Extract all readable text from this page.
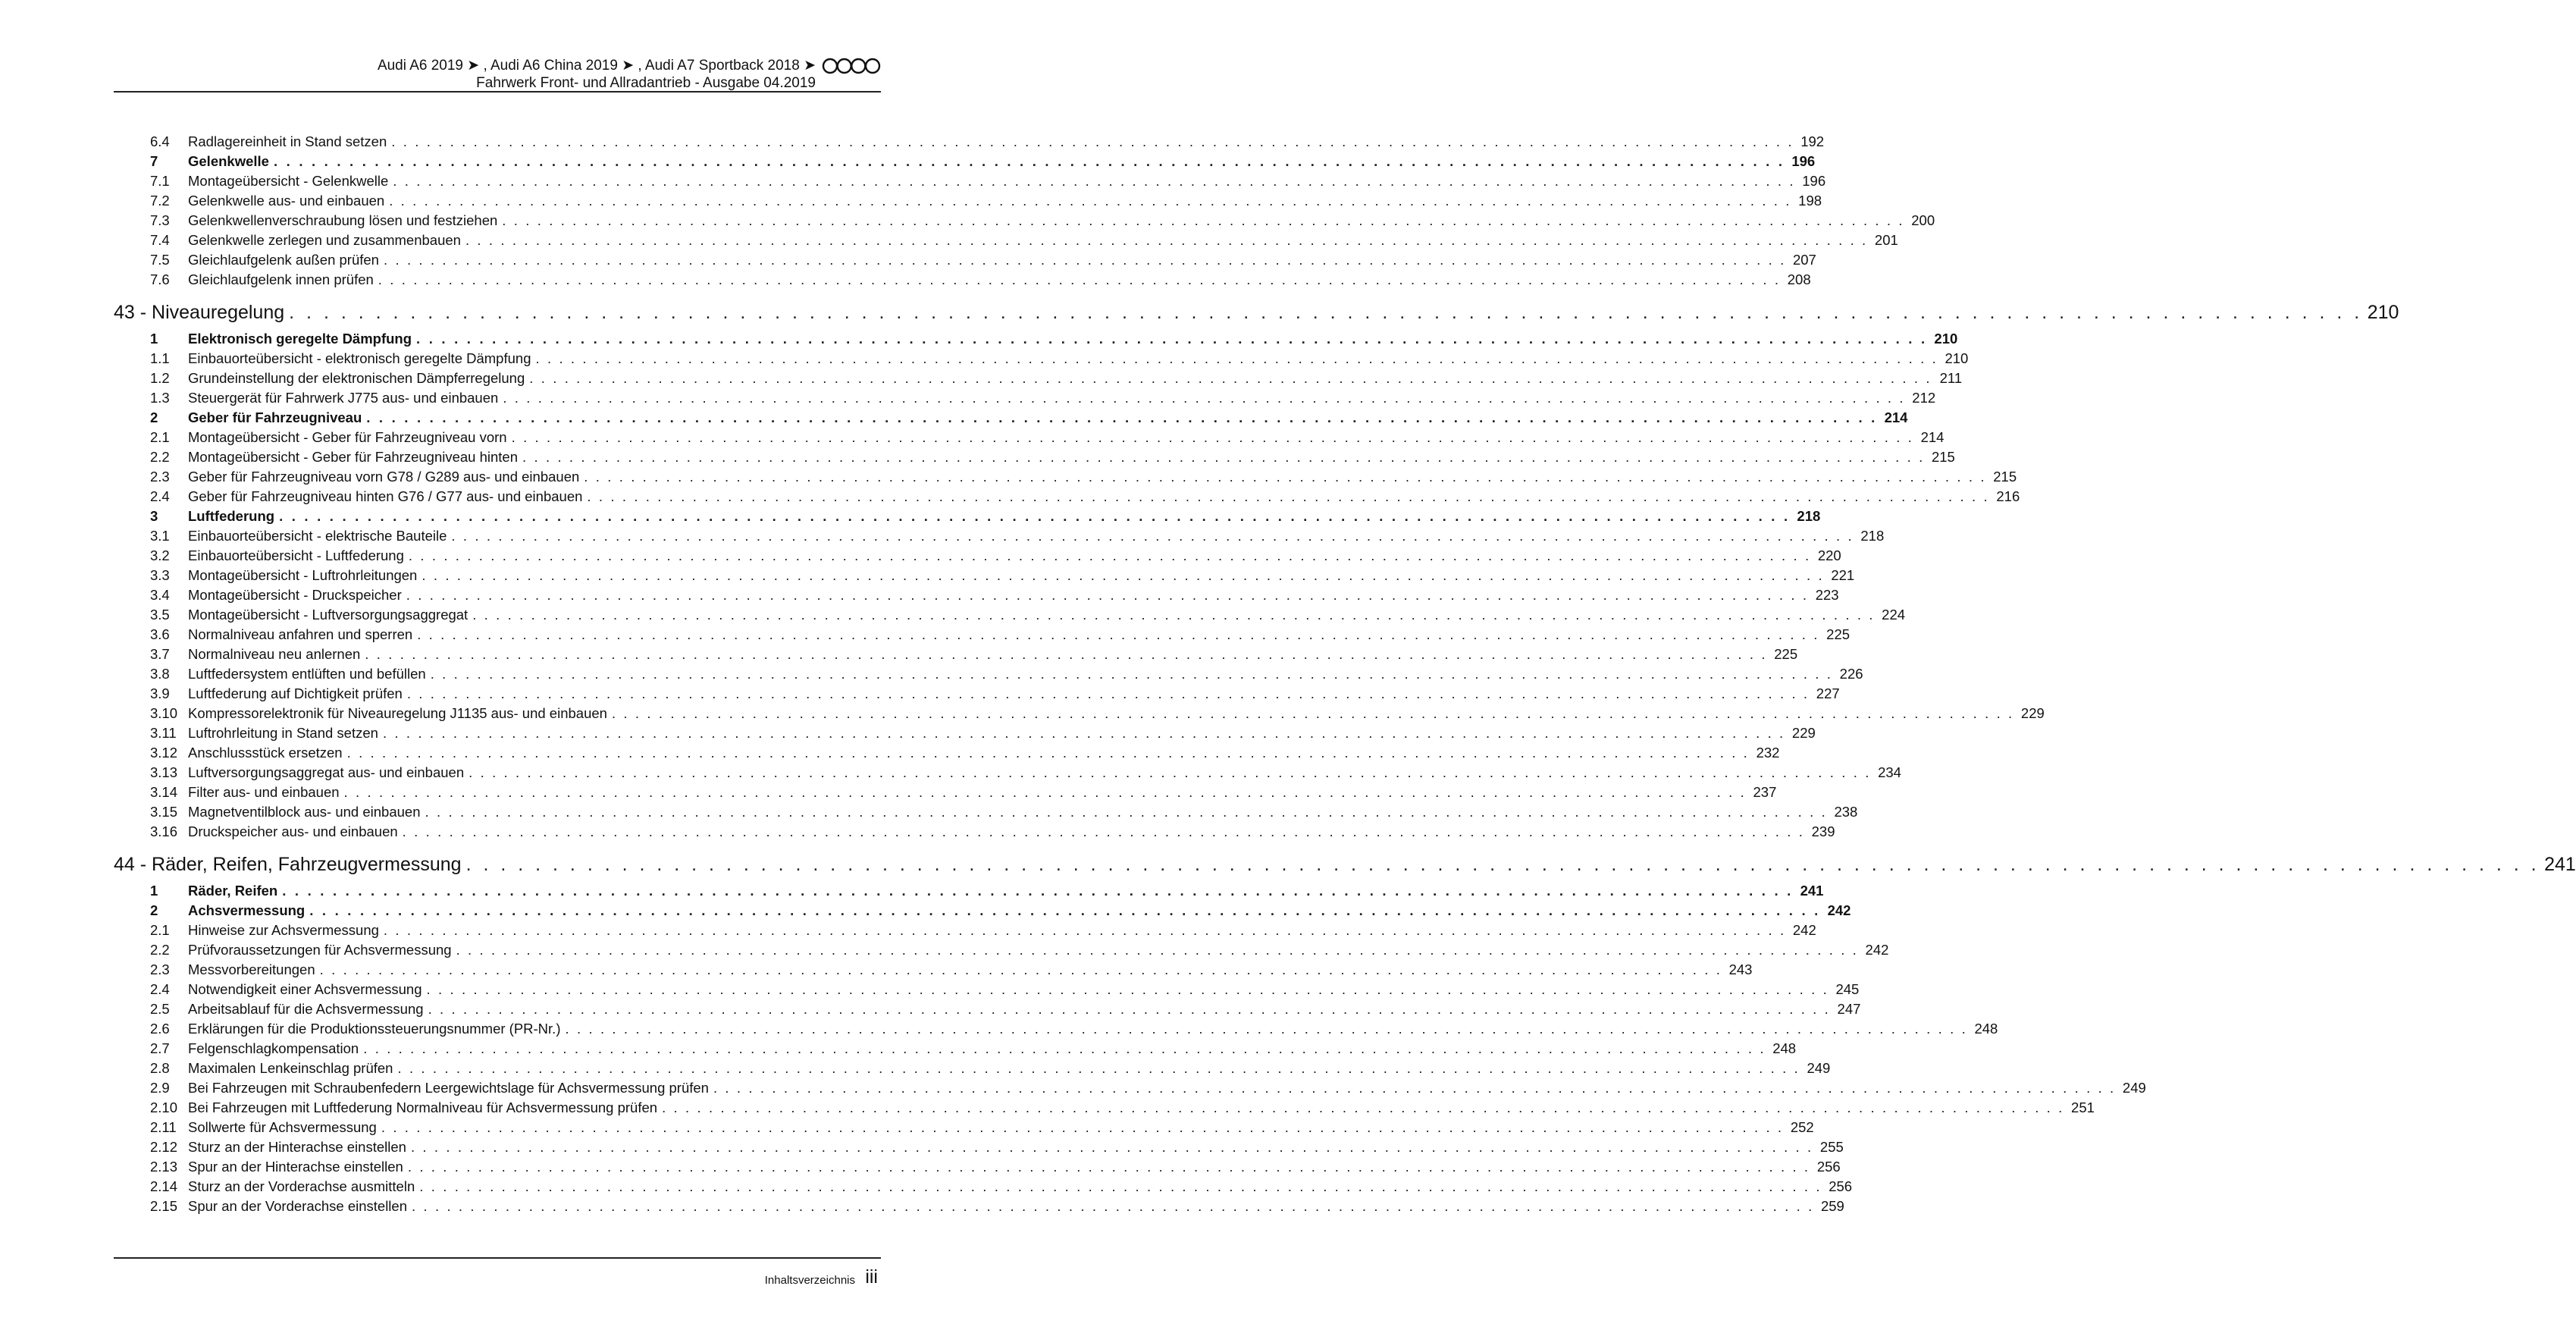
Audi A6 2019 ➤ , Audi A6 China 2019 ➤ , Audi A7 Sportback 2018 ➤
Fahrwerk Front- und Allradantrieb - Ausgabe 04.2019
6.4	Radlagereinheit in Stand setzen . . . . . . . . . . . . . . . . . . . . . . . . . . . . . . . . . . . . . . . . . . . . . . . . . . . . . . . . . . . . . . . . . . . . . . . . . . . . . . . . . . . . . . . . . . . . . . . . . . . . . . . . . . . . . . . . . . . . . . . . 192
7	Gelenkwelle . . . . . . . . . . . . . . . . . . . . . . . . . . . . . . . . . . . . . . . . . . . . . . . . . . . . . . . . . . . . . . . . . . . . . . . . . . . . . . . . . . . . . . . . . . . . . . . . . . . . . . . . . . . . . . . . . . . . . . . . 196
7.1	Montageübersicht - Gelenkwelle . . . . . . . . . . . . . . . . . . . . . . . . . . . . . . . . . . . . . . . . . . . . . . . . . . . . . . . . . . . . . . . . . . . . . . . . . . . . . . . . . . . . . . . . . . . . . . . . . . . . . . . . . . . . . . . . . . . . . . . . 196
7.2	Gelenkwelle aus- und einbauen . . . . . . . . . . . . . . . . . . . . . . . . . . . . . . . . . . . . . . . . . . . . . . . . . . . . . . . . . . . . . . . . . . . . . . . . . . . . . . . . . . . . . . . . . . . . . . . . . . . . . . . . . . . . . . . . . . . . . . . . 198
7.3	Gelenkwellenverschraubung lösen und festziehen . . . . . . . . . . . . . . . . . . . . . . . . . . . . . . . . . . . . . . . . . . . . . . . . . . . . . . . . . . . . . . . . . . . . . . . . . . . . . . . . . . . . . . . . . . . . . . . . . . . . . . . . . . . . . . . . . . . . . . . . 200
7.4	Gelenkwelle zerlegen und zusammenbauen . . . . . . . . . . . . . . . . . . . . . . . . . . . . . . . . . . . . . . . . . . . . . . . . . . . . . . . . . . . . . . . . . . . . . . . . . . . . . . . . . . . . . . . . . . . . . . . . . . . . . . . . . . . . . . . . . . . . . . . . 201
7.5	Gleichlaufgelenk außen prüfen . . . . . . . . . . . . . . . . . . . . . . . . . . . . . . . . . . . . . . . . . . . . . . . . . . . . . . . . . . . . . . . . . . . . . . . . . . . . . . . . . . . . . . . . . . . . . . . . . . . . . . . . . . . . . . . . . . . . . . . . 207
7.6	Gleichlaufgelenk innen prüfen . . . . . . . . . . . . . . . . . . . . . . . . . . . . . . . . . . . . . . . . . . . . . . . . . . . . . . . . . . . . . . . . . . . . . . . . . . . . . . . . . . . . . . . . . . . . . . . . . . . . . . . . . . . . . . . . . . . . . . . . 208
43 - Niveauregelung . . . . . . . . . . . . . . . . . . . . . . . . . . . . . . . . . . . . . . . . . . . . . . . . . . . . . . . . . . . . . . . . . . . . . . . . . . . . . . . . . . . . . . . . . . . . . . . . . . . . . . . . . . . . . . . . . . . . . . . . 210
1	Elektronisch geregelte Dämpfung . . . . . . . . . . . . . . . . . . . . . . . . . . . . . . . . . . . . . . . . . . . . . . . . . . . . . . . . . . . . . . . . . . . . . . . . . . . . . . . . . . . . . . . . . . . . . . . . . . . . . . . . . . . . . . . . . . . . . . . . 210
1.1	Einbauorteübersicht - elektronisch geregelte Dämpfung . . . . . . . . . . . . . . . . . . . . . . . . . . . . . . . . . . . . . . . . . . . . . . . . . . . . . . . . . . . . . . . . . . . . . . . . . . . . . . . . . . . . . . . . . . . . . . . . . . . . . . . . . . . . . . . . . . . . . . . . 210
1.2	Grundeinstellung der elektronischen Dämpferregelung . . . . . . . . . . . . . . . . . . . . . . . . . . . . . . . . . . . . . . . . . . . . . . . . . . . . . . . . . . . . . . . . . . . . . . . . . . . . . . . . . . . . . . . . . . . . . . . . . . . . . . . . . . . . . . . . . . . . . . . . 211
1.3	Steuergerät für Fahrwerk J775 aus- und einbauen . . . . . . . . . . . . . . . . . . . . . . . . . . . . . . . . . . . . . . . . . . . . . . . . . . . . . . . . . . . . . . . . . . . . . . . . . . . . . . . . . . . . . . . . . . . . . . . . . . . . . . . . . . . . . . . . . . . . . . . . 212
2	Geber für Fahrzeugniveau . . . . . . . . . . . . . . . . . . . . . . . . . . . . . . . . . . . . . . . . . . . . . . . . . . . . . . . . . . . . . . . . . . . . . . . . . . . . . . . . . . . . . . . . . . . . . . . . . . . . . . . . . . . . . . . . . . . . . . . . 214
2.1	Montageübersicht - Geber für Fahrzeugniveau vorn . . . . . . . . . . . . . . . . . . . . . . . . . . . . . . . . . . . . . . . . . . . . . . . . . . . . . . . . . . . . . . . . . . . . . . . . . . . . . . . . . . . . . . . . . . . . . . . . . . . . . . . . . . . . . . . . . . . . . . . . 214
2.2	Montageübersicht - Geber für Fahrzeugniveau hinten . . . . . . . . . . . . . . . . . . . . . . . . . . . . . . . . . . . . . . . . . . . . . . . . . . . . . . . . . . . . . . . . . . . . . . . . . . . . . . . . . . . . . . . . . . . . . . . . . . . . . . . . . . . . . . . . . . . . . . . . 215
2.3	Geber für Fahrzeugniveau vorn G78 / G289 aus- und einbauen . . . . . . . . . . . . . . . . . . . . . . . . . . . . . . . . . . . . . . . . . . . . . . . . . . . . . . . . . . . . . . . . . . . . . . . . . . . . . . . . . . . . . . . . . . . . . . . . . . . . . . . . . . . . . . . . . . . . . . . . 215
2.4	Geber für Fahrzeugniveau hinten G76 / G77 aus- und einbauen . . . . . . . . . . . . . . . . . . . . . . . . . . . . . . . . . . . . . . . . . . . . . . . . . . . . . . . . . . . . . . . . . . . . . . . . . . . . . . . . . . . . . . . . . . . . . . . . . . . . . . . . . . . . . . . . . . . . . . . . 216
3	Luftfederung . . . . . . . . . . . . . . . . . . . . . . . . . . . . . . . . . . . . . . . . . . . . . . . . . . . . . . . . . . . . . . . . . . . . . . . . . . . . . . . . . . . . . . . . . . . . . . . . . . . . . . . . . . . . . . . . . . . . . . . . 218
3.1	Einbauorteübersicht - elektrische Bauteile . . . . . . . . . . . . . . . . . . . . . . . . . . . . . . . . . . . . . . . . . . . . . . . . . . . . . . . . . . . . . . . . . . . . . . . . . . . . . . . . . . . . . . . . . . . . . . . . . . . . . . . . . . . . . . . . . . . . . . . . 218
3.2	Einbauorteübersicht - Luftfederung . . . . . . . . . . . . . . . . . . . . . . . . . . . . . . . . . . . . . . . . . . . . . . . . . . . . . . . . . . . . . . . . . . . . . . . . . . . . . . . . . . . . . . . . . . . . . . . . . . . . . . . . . . . . . . . . . . . . . . . . 220
3.3	Montageübersicht - Luftrohrleitungen . . . . . . . . . . . . . . . . . . . . . . . . . . . . . . . . . . . . . . . . . . . . . . . . . . . . . . . . . . . . . . . . . . . . . . . . . . . . . . . . . . . . . . . . . . . . . . . . . . . . . . . . . . . . . . . . . . . . . . . . 221
3.4	Montageübersicht - Druckspeicher . . . . . . . . . . . . . . . . . . . . . . . . . . . . . . . . . . . . . . . . . . . . . . . . . . . . . . . . . . . . . . . . . . . . . . . . . . . . . . . . . . . . . . . . . . . . . . . . . . . . . . . . . . . . . . . . . . . . . . . . 223
3.5	Montageübersicht - Luftversorgungsaggregat . . . . . . . . . . . . . . . . . . . . . . . . . . . . . . . . . . . . . . . . . . . . . . . . . . . . . . . . . . . . . . . . . . . . . . . . . . . . . . . . . . . . . . . . . . . . . . . . . . . . . . . . . . . . . . . . . . . . . . . . 224
3.6	Normalniveau anfahren und sperren . . . . . . . . . . . . . . . . . . . . . . . . . . . . . . . . . . . . . . . . . . . . . . . . . . . . . . . . . . . . . . . . . . . . . . . . . . . . . . . . . . . . . . . . . . . . . . . . . . . . . . . . . . . . . . . . . . . . . . . . 225
3.7	Normalniveau neu anlernen . . . . . . . . . . . . . . . . . . . . . . . . . . . . . . . . . . . . . . . . . . . . . . . . . . . . . . . . . . . . . . . . . . . . . . . . . . . . . . . . . . . . . . . . . . . . . . . . . . . . . . . . . . . . . . . . . . . . . . . . 225
3.8	Luftfedersystem entlüften und befüllen . . . . . . . . . . . . . . . . . . . . . . . . . . . . . . . . . . . . . . . . . . . . . . . . . . . . . . . . . . . . . . . . . . . . . . . . . . . . . . . . . . . . . . . . . . . . . . . . . . . . . . . . . . . . . . . . . . . . . . . . 226
3.9	Luftfederung auf Dichtigkeit prüfen . . . . . . . . . . . . . . . . . . . . . . . . . . . . . . . . . . . . . . . . . . . . . . . . . . . . . . . . . . . . . . . . . . . . . . . . . . . . . . . . . . . . . . . . . . . . . . . . . . . . . . . . . . . . . . . . . . . . . . . . 227
3.10 Kompressorelektronik für Niveauregelung J1135 aus- und einbauen . . . . . . . . . . . . . . . . . . . . . . . . . . . . . . . . . . . . . . . . . . . . . . . . . . . . . . . . . . . . . . . . . . . . . . . . . . . . . . . . . . . . . . . . . . . . . . . . . . . . . . . . . . . . . . . . . . . . . . . . 229
3.11 Luftrohrleitung in Stand setzen . . . . . . . . . . . . . . . . . . . . . . . . . . . . . . . . . . . . . . . . . . . . . . . . . . . . . . . . . . . . . . . . . . . . . . . . . . . . . . . . . . . . . . . . . . . . . . . . . . . . . . . . . . . . . . . . . . . . . . . . 229
3.12 Anschlussstück ersetzen . . . . . . . . . . . . . . . . . . . . . . . . . . . . . . . . . . . . . . . . . . . . . . . . . . . . . . . . . . . . . . . . . . . . . . . . . . . . . . . . . . . . . . . . . . . . . . . . . . . . . . . . . . . . . . . . . . . . . . . . 232
3.13 Luftversorgungsaggregat aus- und einbauen . . . . . . . . . . . . . . . . . . . . . . . . . . . . . . . . . . . . . . . . . . . . . . . . . . . . . . . . . . . . . . . . . . . . . . . . . . . . . . . . . . . . . . . . . . . . . . . . . . . . . . . . . . . . . . . . . . . . . . . . 234
3.14 Filter aus- und einbauen . . . . . . . . . . . . . . . . . . . . . . . . . . . . . . . . . . . . . . . . . . . . . . . . . . . . . . . . . . . . . . . . . . . . . . . . . . . . . . . . . . . . . . . . . . . . . . . . . . . . . . . . . . . . . . . . . . . . . . . . 237
3.15 Magnetventilblock aus- und einbauen . . . . . . . . . . . . . . . . . . . . . . . . . . . . . . . . . . . . . . . . . . . . . . . . . . . . . . . . . . . . . . . . . . . . . . . . . . . . . . . . . . . . . . . . . . . . . . . . . . . . . . . . . . . . . . . . . . . . . . . . 238
3.16 Druckspeicher aus- und einbauen . . . . . . . . . . . . . . . . . . . . . . . . . . . . . . . . . . . . . . . . . . . . . . . . . . . . . . . . . . . . . . . . . . . . . . . . . . . . . . . . . . . . . . . . . . . . . . . . . . . . . . . . . . . . . . . . . . . . . . . . 239
44 - Räder, Reifen, Fahrzeugvermessung . . . . . . . . . . . . . . . . . . . . . . . . . . . . . . . . . . . . . . . . . . . . . . . . . . . . . . . . . . . . . . . . . . . . . . . . . . . . . . . . . . . . . . . . . . . . . . . . . . . . . . . . . . . . . . . . . . . . . . . . 241
1	Räder, Reifen . . . . . . . . . . . . . . . . . . . . . . . . . . . . . . . . . . . . . . . . . . . . . . . . . . . . . . . . . . . . . . . . . . . . . . . . . . . . . . . . . . . . . . . . . . . . . . . . . . . . . . . . . . . . . . . . . . . . . . . . 241
2	Achsvermessung . . . . . . . . . . . . . . . . . . . . . . . . . . . . . . . . . . . . . . . . . . . . . . . . . . . . . . . . . . . . . . . . . . . . . . . . . . . . . . . . . . . . . . . . . . . . . . . . . . . . . . . . . . . . . . . . . . . . . . . . 242
2.1	Hinweise zur Achsvermessung . . . . . . . . . . . . . . . . . . . . . . . . . . . . . . . . . . . . . . . . . . . . . . . . . . . . . . . . . . . . . . . . . . . . . . . . . . . . . . . . . . . . . . . . . . . . . . . . . . . . . . . . . . . . . . . . . . . . . . . . 242
2.2	Prüfvoraussetzungen für Achsvermessung . . . . . . . . . . . . . . . . . . . . . . . . . . . . . . . . . . . . . . . . . . . . . . . . . . . . . . . . . . . . . . . . . . . . . . . . . . . . . . . . . . . . . . . . . . . . . . . . . . . . . . . . . . . . . . . . . . . . . . . . 242
2.3	Messvorbereitungen . . . . . . . . . . . . . . . . . . . . . . . . . . . . . . . . . . . . . . . . . . . . . . . . . . . . . . . . . . . . . . . . . . . . . . . . . . . . . . . . . . . . . . . . . . . . . . . . . . . . . . . . . . . . . . . . . . . . . . . . 243
2.4	Notwendigkeit einer Achsvermessung . . . . . . . . . . . . . . . . . . . . . . . . . . . . . . . . . . . . . . . . . . . . . . . . . . . . . . . . . . . . . . . . . . . . . . . . . . . . . . . . . . . . . . . . . . . . . . . . . . . . . . . . . . . . . . . . . . . . . . . . 245
2.5	Arbeitsablauf für die Achsvermessung . . . . . . . . . . . . . . . . . . . . . . . . . . . . . . . . . . . . . . . . . . . . . . . . . . . . . . . . . . . . . . . . . . . . . . . . . . . . . . . . . . . . . . . . . . . . . . . . . . . . . . . . . . . . . . . . . . . . . . . . 247
2.6	Erklärungen für die Produktionssteuerungsnummer (PR-Nr.) . . . . . . . . . . . . . . . . . . . . . . . . . . . . . . . . . . . . . . . . . . . . . . . . . . . . . . . . . . . . . . . . . . . . . . . . . . . . . . . . . . . . . . . . . . . . . . . . . . . . . . . . . . . . . . . . . . . . . . . . 248
2.7	Felgenschlagkompensation . . . . . . . . . . . . . . . . . . . . . . . . . . . . . . . . . . . . . . . . . . . . . . . . . . . . . . . . . . . . . . . . . . . . . . . . . . . . . . . . . . . . . . . . . . . . . . . . . . . . . . . . . . . . . . . . . . . . . . . . 248
2.8	Maximalen Lenkeinschlag prüfen . . . . . . . . . . . . . . . . . . . . . . . . . . . . . . . . . . . . . . . . . . . . . . . . . . . . . . . . . . . . . . . . . . . . . . . . . . . . . . . . . . . . . . . . . . . . . . . . . . . . . . . . . . . . . . . . . . . . . . . . 249
2.9	Bei Fahrzeugen mit Schraubenfedern Leergewichtslage für Achsvermessung prüfen . . . . . . . . . . . . . . . . . . . . . . . . . . . . . . . . . . . . . . . . . . . . . . . . . . . . . . . . . . . . . . . . . . . . . . . . . . . . . . . . . . . . . . . . . . . . . . . . . . . . . . . . . . . . . . . . . . . . . . . . 249
2.10 Bei Fahrzeugen mit Luftfederung Normalniveau für Achsvermessung prüfen . . . . . . . . . . . . . . . . . . . . . . . . . . . . . . . . . . . . . . . . . . . . . . . . . . . . . . . . . . . . . . . . . . . . . . . . . . . . . . . . . . . . . . . . . . . . . . . . . . . . . . . . . . . . . . . . . . . . . . . . 251
2.11 Sollwerte für Achsvermessung . . . . . . . . . . . . . . . . . . . . . . . . . . . . . . . . . . . . . . . . . . . . . . . . . . . . . . . . . . . . . . . . . . . . . . . . . . . . . . . . . . . . . . . . . . . . . . . . . . . . . . . . . . . . . . . . . . . . . . . . 252
2.12 Sturz an der Hinterachse einstellen . . . . . . . . . . . . . . . . . . . . . . . . . . . . . . . . . . . . . . . . . . . . . . . . . . . . . . . . . . . . . . . . . . . . . . . . . . . . . . . . . . . . . . . . . . . . . . . . . . . . . . . . . . . . . . . . . . . . . . . . 255
2.13 Spur an der Hinterachse einstellen . . . . . . . . . . . . . . . . . . . . . . . . . . . . . . . . . . . . . . . . . . . . . . . . . . . . . . . . . . . . . . . . . . . . . . . . . . . . . . . . . . . . . . . . . . . . . . . . . . . . . . . . . . . . . . . . . . . . . . . . 256
2.14 Sturz an der Vorderachse ausmitteln . . . . . . . . . . . . . . . . . . . . . . . . . . . . . . . . . . . . . . . . . . . . . . . . . . . . . . . . . . . . . . . . . . . . . . . . . . . . . . . . . . . . . . . . . . . . . . . . . . . . . . . . . . . . . . . . . . . . . . . . 256
2.15 Spur an der Vorderachse einstellen . . . . . . . . . . . . . . . . . . . . . . . . . . . . . . . . . . . . . . . . . . . . . . . . . . . . . . . . . . . . . . . . . . . . . . . . . . . . . . . . . . . . . . . . . . . . . . . . . . . . . . . . . . . . . . . . . . . . . . . . 259
Inhaltsverzeichnis iii
